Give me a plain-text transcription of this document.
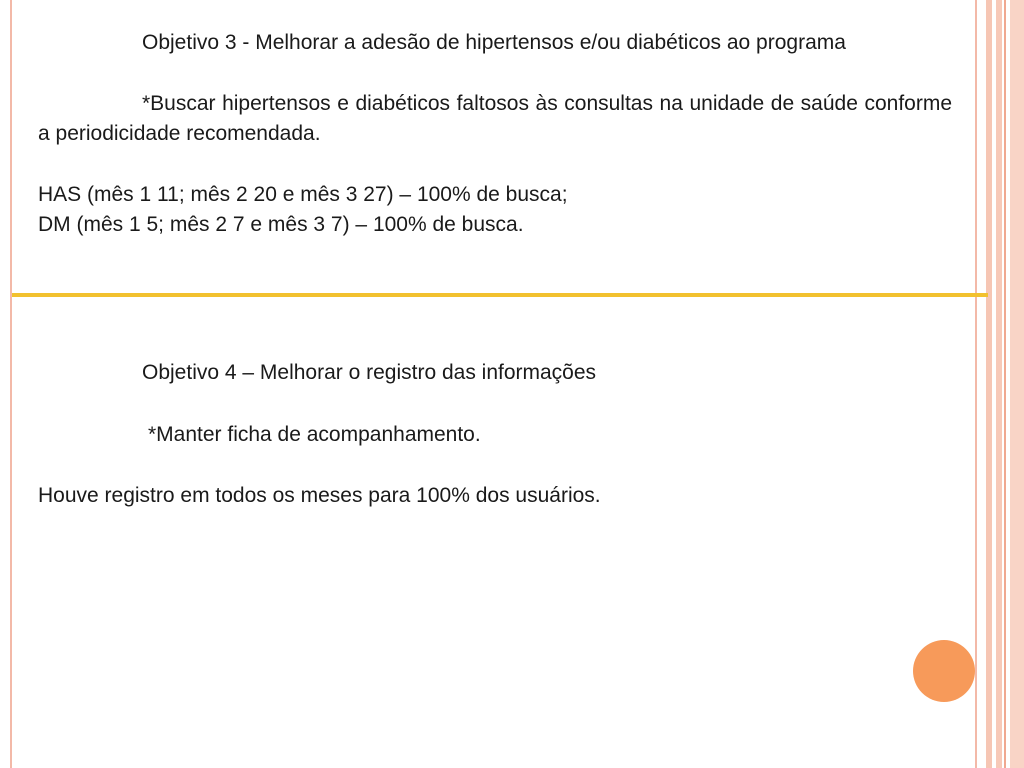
Objetivo 3 - Melhorar a adesão de hipertensos e/ou diabéticos ao programa

*Buscar hipertensos e diabéticos faltosos às consultas na unidade de saúde conforme a periodicidade recomendada.

HAS (mês 1 11; mês 2 20 e mês 3 27) – 100% de busca;

DM (mês 1 5; mês 2 7 e mês 3 7) – 100% de busca.

Objetivo 4 – Melhorar o registro das informações

*Manter ficha de acompanhamento.

Houve registro em todos os meses para 100% dos usuários.
